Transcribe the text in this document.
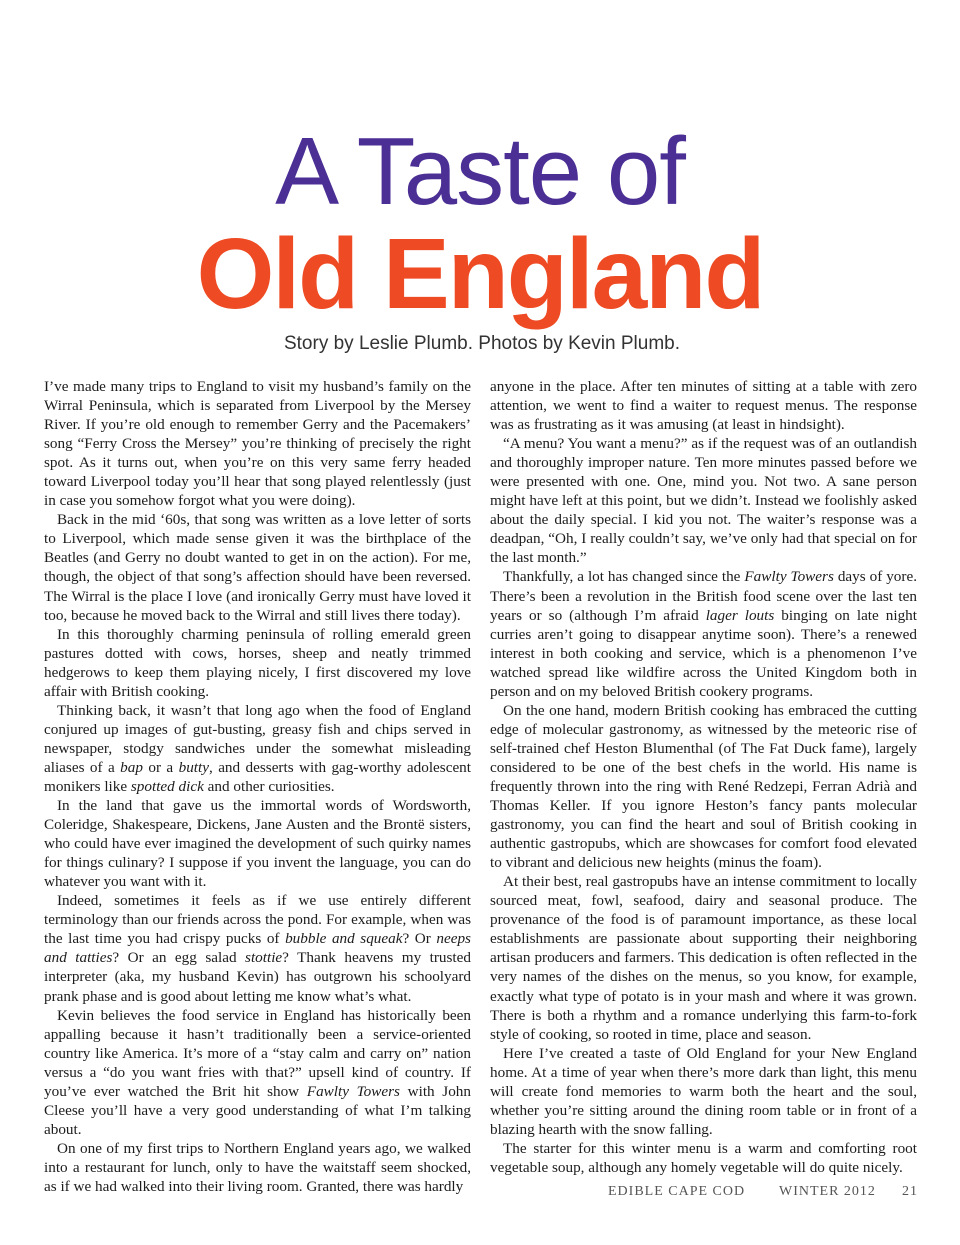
A Taste of
Old England
Story by Leslie Plumb. Photos by Kevin Plumb.

I’ve made many trips to England to visit my husband’s family on the Wirral Peninsula, which is separated from Liverpool by the Mersey River. If you’re old enough to remember Gerry and the Pacemakers’ song “Ferry Cross the Mersey” you’re thinking of precisely the right spot. As it turns out, when you’re on this very same ferry headed toward Liverpool today you’ll hear that song played relentlessly (just in case you somehow forgot what you were doing).

Back in the mid ‘60s, that song was written as a love letter of sorts to Liverpool, which made sense given it was the birthplace of the Beatles (and Gerry no doubt wanted to get in on the action). For me, though, the object of that song’s affection should have been reversed. The Wirral is the place I love (and ironically Gerry must have loved it too, because he moved back to the Wirral and still lives there today).

In this thoroughly charming peninsula of rolling emerald green pastures dotted with cows, horses, sheep and neatly trimmed hedgerows to keep them playing nicely, I first discovered my love affair with British cooking.

Thinking back, it wasn’t that long ago when the food of England conjured up images of gut-busting, greasy fish and chips served in newspaper, stodgy sandwiches under the somewhat misleading aliases of a bap or a butty, and desserts with gag-worthy adolescent monikers like spotted dick and other curiosities.

In the land that gave us the immortal words of Wordsworth, Coleridge, Shakespeare, Dickens, Jane Austen and the Brontë sisters, who could have ever imagined the development of such quirky names for things culinary? I suppose if you invent the language, you can do whatever you want with it.

Indeed, sometimes it feels as if we use entirely different terminology than our friends across the pond. For example, when was the last time you had crispy pucks of bubble and squeak? Or neeps and tatties? Or an egg salad stottie? Thank heavens my trusted interpreter (aka, my husband Kevin) has outgrown his schoolyard prank phase and is good about letting me know what’s what.

Kevin believes the food service in England has historically been appalling because it hasn’t traditionally been a service-oriented country like America. It’s more of a “stay calm and carry on” nation versus a “do you want fries with that?” upsell kind of country. If you’ve ever watched the Brit hit show Fawlty Towers with John Cleese you’ll have a very good understanding of what I’m talking about.

On one of my first trips to Northern England years ago, we walked into a restaurant for lunch, only to have the waitstaff seem shocked, as if we had walked into their living room. Granted, there was hardly

anyone in the place. After ten minutes of sitting at a table with zero attention, we went to find a waiter to request menus. The response was as frustrating as it was amusing (at least in hindsight).

“A menu? You want a menu?” as if the request was of an outlandish and thoroughly improper nature. Ten more minutes passed before we were presented with one. One, mind you. Not two. A sane person might have left at this point, but we didn’t. Instead we foolishly asked about the daily special. I kid you not. The waiter’s response was a deadpan, “Oh, I really couldn’t say, we’ve only had that special on for the last month.”

Thankfully, a lot has changed since the Fawlty Towers days of yore. There’s been a revolution in the British food scene over the last ten years or so (although I’m afraid lager louts binging on late night curries aren’t going to disappear anytime soon). There’s a renewed interest in both cooking and service, which is a phenomenon I’ve watched spread like wildfire across the United Kingdom both in person and on my beloved British cookery programs.

On the one hand, modern British cooking has embraced the cutting edge of molecular gastronomy, as witnessed by the meteoric rise of self-trained chef Heston Blumenthal (of The Fat Duck fame), largely considered to be one of the best chefs in the world. His name is frequently thrown into the ring with René Redzepi, Ferran Adrià and Thomas Keller. If you ignore Heston’s fancy pants molecular gastronomy, you can find the heart and soul of British cooking in authentic gastropubs, which are showcases for comfort food elevated to vibrant and delicious new heights (minus the foam).

At their best, real gastropubs have an intense commitment to locally sourced meat, fowl, seafood, dairy and seasonal produce. The provenance of the food is of paramount importance, as these local establishments are passionate about supporting their neighboring artisan producers and farmers. This dedication is often reflected in the very names of the dishes on the menus, so you know, for example, exactly what type of potato is in your mash and where it was grown. There is both a rhythm and a romance underlying this farm-to-fork style of cooking, so rooted in time, place and season.

Here I’ve created a taste of Old England for your New England home. At a time of year when there’s more dark than light, this menu will create fond memories to warm both the heart and the soul, whether you’re sitting around the dining room table or in front of a blazing hearth with the snow falling.

The starter for this winter menu is a warm and comforting root vegetable soup, although any homely vegetable will do quite nicely.

EDIBLE CAPE COD WINTER 2012 21
